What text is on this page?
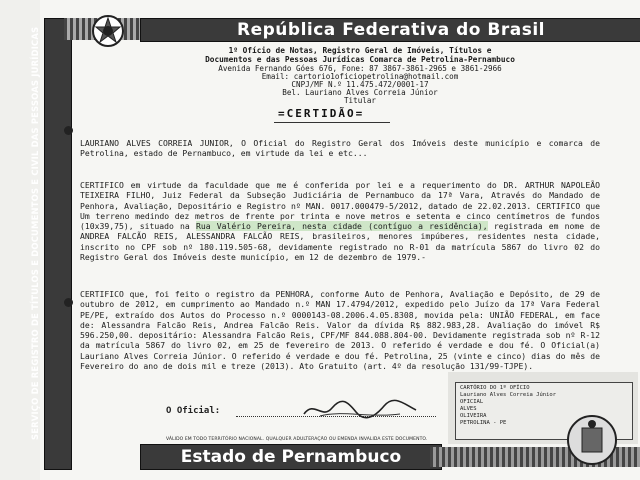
SERVIÇO DE REGISTRO DE TÍTULOS E DOCUMENTOS E CIVIL DAS PESSOAS JURÍDICAS	República Federativa do Brasil
1º Ofício de Notas, Registro Geral de Imóveis, Títulos e
Documentos e das Pessoas Jurídicas Comarca de Petrolina-Pernambuco
Avenida Fernando Góes 676, Fone: 87 3867-3861-2965 e 3861-2966
Email: cartorio1oficiopetrolina@hotmail.com
CNPJ/MF N.º 11.475.472/0001-17
Bel. Lauriano Alves Correia Júnior
Titular
=CERTIDÃO=

LAURIANO ALVES CORREIA JUNIOR, O Oficial do Registro Geral dos Imóveis deste município e comarca de Petrolina, estado de Pernambuco, em virtude da lei e etc...

CERTIFICO em virtude da faculdade que me é conferida por lei e a requerimento do DR. ARTHUR NAPOLEÃO TEIXEIRA FILHO, Juiz Federal da Subseção Judiciária de Pernambuco da 17ª Vara, Através do Mandado de Penhora, Avaliação, Depositário e Registro nº MAN. 0017.000479-5/2012, datado de 22.02.2013. CERTIFICO que Um terreno medindo dez metros de frente por trinta e nove metros e setenta e cinco centímetros de fundos (10x39,75), situado na Rua Valério Pereira, nesta cidade (contíguo a residência), registrada em nome de ANDREA FALCÃO REIS, ALESSANDRA FALCÃO REIS, brasileiros, menores impúberes, residentes nesta cidade, inscrito no CPF sob nº 180.119.505-68, devidamente registrado no R-01 da matrícula 5867 do livro 02 do Registro Geral dos Imóveis deste município, em 12 de dezembro de 1979.-

CERTIFICO que, foi feito o registro da PENHORA, conforme Auto de Penhora, Avaliação e Depósito, de 29 de outubro de 2012, em cumprimento ao Mandado n.º MAN 17.4794/2012, expedido pelo Juízo da 17ª Vara Federal PE/PE, extraído dos Autos do Processo n.º 0000143-08.2006.4.05.8308, movida pela: UNIÃO FEDERAL, em face de: Alessandra Falcão Reis, Andrea Falcão Reis. Valor da dívida R$ 882.983,28. Avaliação do imóvel R$ 596.250,00. depositário: Alessandra Falcão Reis, CPF/MF 844.088.804-00. Devidamente registrada sob nº R-12 da matrícula 5867 do livro 02, em 25 de fevereiro de 2013. O referido é verdade e dou fé. O Oficial(a) Lauriano Alves Correia Júnior. O referido é verdade e dou fé. Petrolina, 25 (vinte e cinco) dias do mês de Fevereiro do ano de dois mil e treze (2013). Ato Gratuito (art. 4º da resolução 131/99-TJPE).

CARTÓRIO DO 1º OFÍCIO
Lauriano Alves Correia Júnior
OFICIAL
ALVES
OLIVEIRA
PETROLINA - PE
O Oficial:
VÁLIDO EM TODO TERRITÓRIO NACIONAL. QUALQUER ADULTERAÇÃO OU EMENDA INVALIDA ESTE DOCUMENTO.
Estado de Pernambuco
